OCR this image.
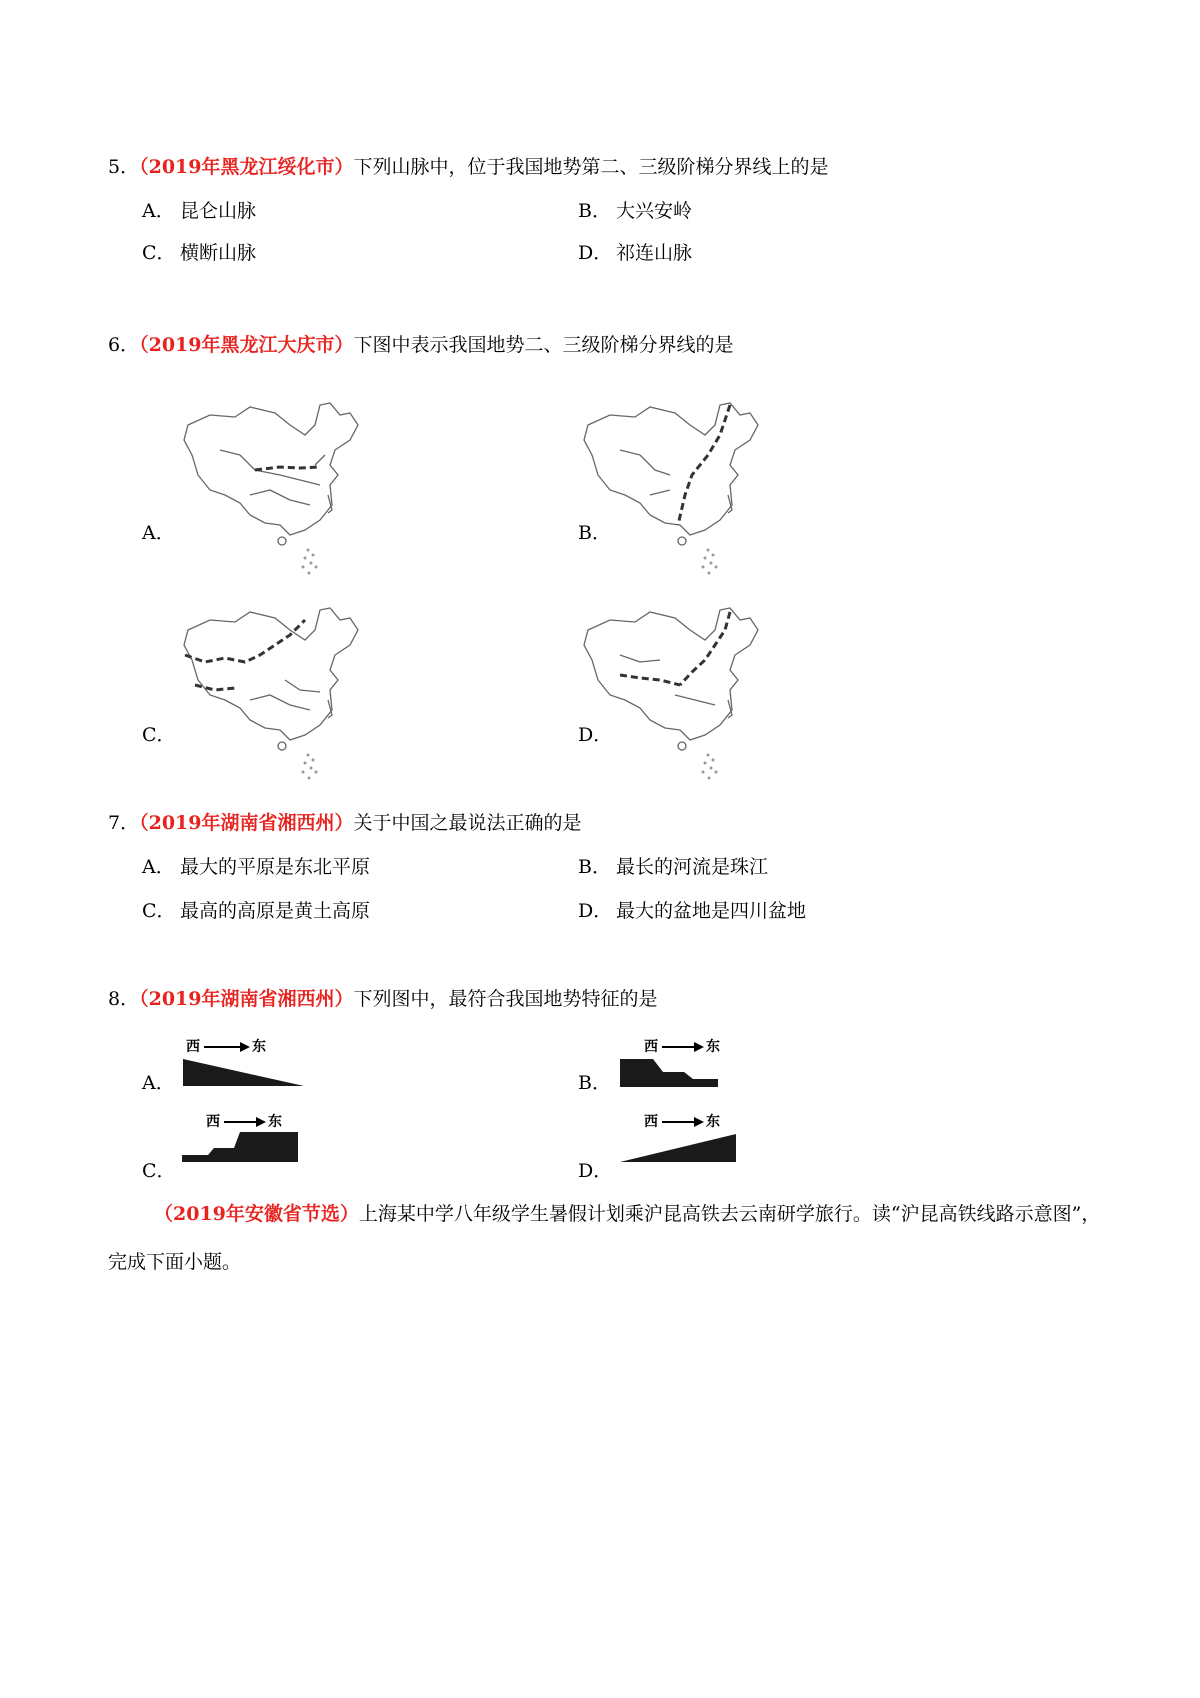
5．（2019年黑龙江绥化市）下列山脉中，位于我国地势第二、三级阶梯分界线上的是
A． 昆仑山脉	B． 大兴安岭
C． 横断山脉	D． 祁连山脉
6．（2019年黑龙江大庆市）下图中表示我国地势二、三级阶梯分界线的是
A．	B．
C．	D．
7．（2019年湖南省湘西州）关于中国之最说法正确的是
A． 最大的平原是东北平原	B． 最长的河流是珠江
C． 最高的高原是黄土高原	D． 最大的盆地是四川盆地
8．（2019年湖南省湘西州）下列图中，最符合我国地势特征的是
西	东
A．
西	东
B．
西	东
C．
西	东
D．
（2019年安徽省节选）上海某中学八年级学生暑假计划乘沪昆高铁去云南研学旅行。读“沪昆高铁线路示意图”，完成下面小题。
